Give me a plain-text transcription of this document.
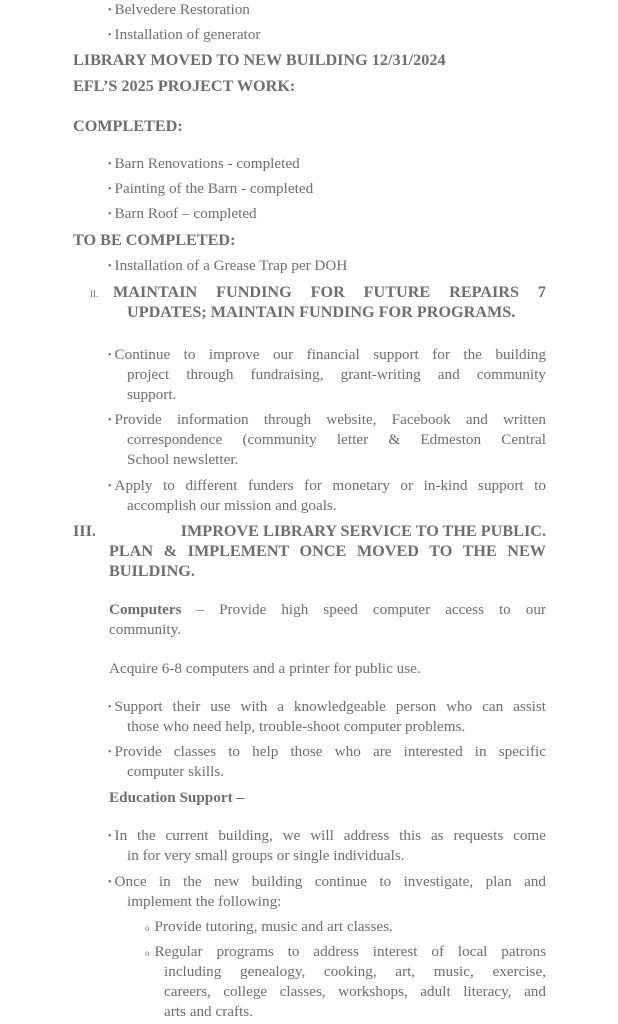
• Belvedere Restoration
• Installation of generator
LIBRARY MOVED TO NEW BUILDING 12/31/2024
EFL’S 2025 PROJECT WORK:
COMPLETED:
• Barn Renovations - completed
• Painting of the Barn - completed
• Barn Roof – completed
TO BE COMPLETED:
• Installation of a Grease Trap per DOH
II. MAINTAIN FUNDING FOR FUTURE REPAIRS 7
UPDATES; MAINTAIN FUNDING FOR PROGRAMS.
• Continue to improve our financial support for the building
project through fundraising, grant-writing and community
support.
• Provide information through website, Facebook and written
correspondence (community letter & Edmeston Central
School newsletter.
• Apply to different funders for monetary or in-kind support to
accomplish our mission and goals.
III.	IMPROVE LIBRARY SERVICE TO THE PUBLIC.
PLAN & IMPLEMENT ONCE MOVED TO THE NEW
BUILDING.
Computers – Provide high speed computer access to our
community.
Acquire 6-8 computers and a printer for public use.
• Support their use with a knowledgeable person who can assist
those who need help, trouble-shoot computer problems.
• Provide classes to help those who are interested in specific
computer skills.
Education Support –
• In the current building, we will address this as requests come
in for very small groups or single individuals.
• Once in the new building continue to investigate, plan and
implement the following:
o Provide tutoring, music and art classes.
o Regular programs to address interest of local patrons
including genealogy, cooking, art, music, exercise,
careers, college classes, workshops, adult literacy, and
arts and crafts.
